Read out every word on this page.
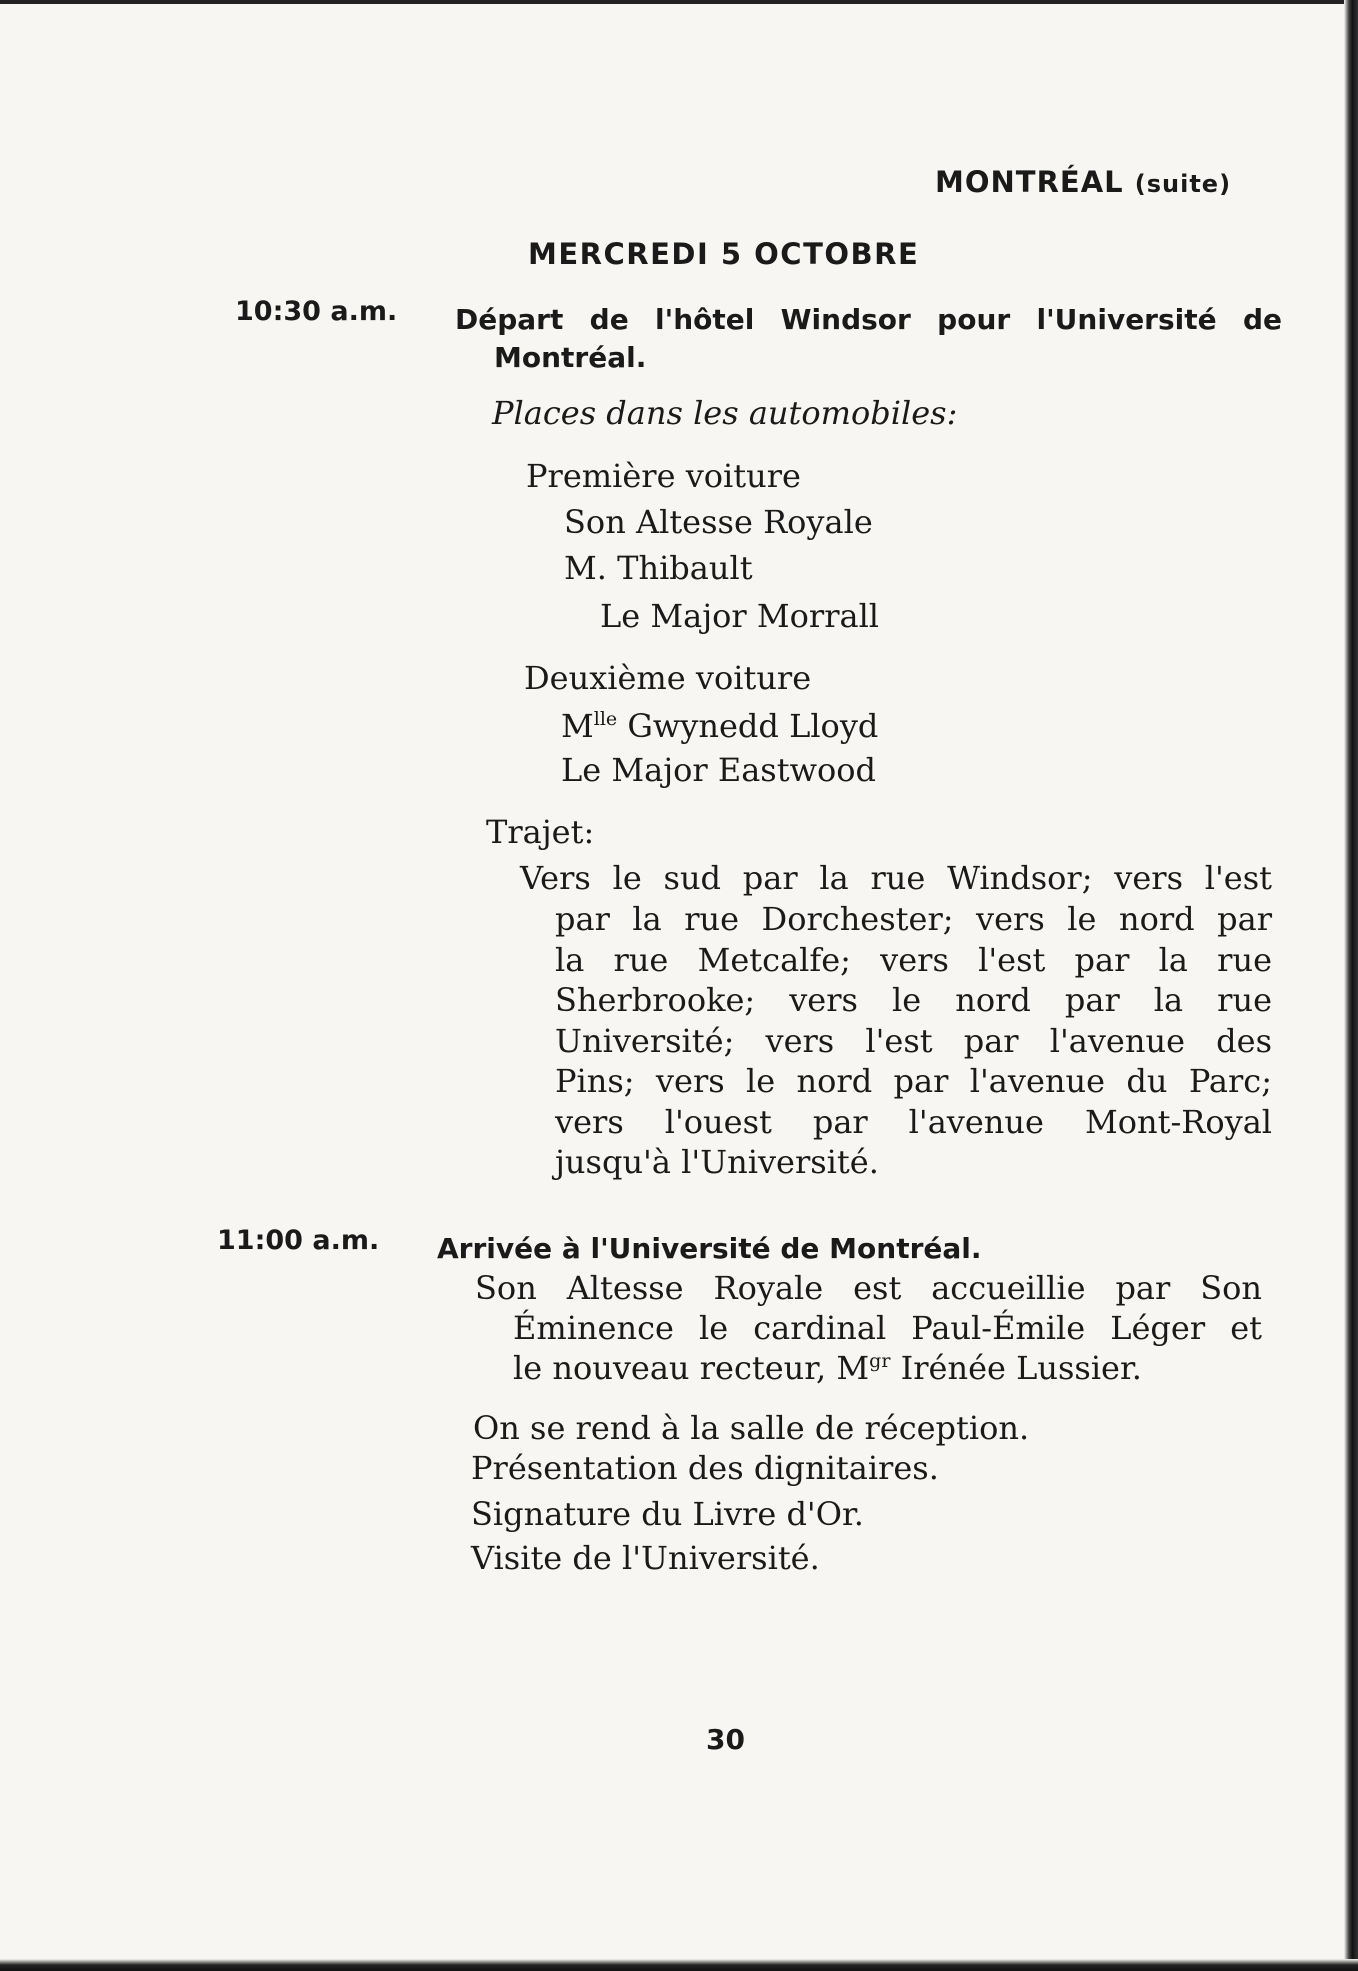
MONTRÉAL (suite)
MERCREDI 5 OCTOBRE
10:30 a.m. Départ de l'hôtel Windsor pour l'Université de
Montréal.
Places dans les automobiles:
Première voiture
Son Altesse Royale
M. Thibault
Le Major Morrall
Deuxième voiture
$M^{lle}$ Gwynedd Lloyd
Le Major Eastwood
Trajet:
Vers le sud par la rue Windsor; vers l'est
par la rue Dorchester; vers le nord par
la rue Metcalfe; vers l'est par la rue
Sherbrooke; vers le nord par la rue
Université; vers l'est par l'avenue des
Pins; vers le nord par l'avenue du Parc;
vers l'ouest par l'avenue Mont-Royal
jusqu'à l'Université.
11:00 a.m. Arrivée à l'Université de Montréal.
Son Altesse Royale est accueillie par Son
Éminence le cardinal Paul-Émile Léger et
le nouveau recteur, $M^{gr}$ Irénée Lussier.
On se rend à la salle de réception.
Présentation des dignitaires.
Signature du Livre d'Or.
Visite de l'Université.
30
